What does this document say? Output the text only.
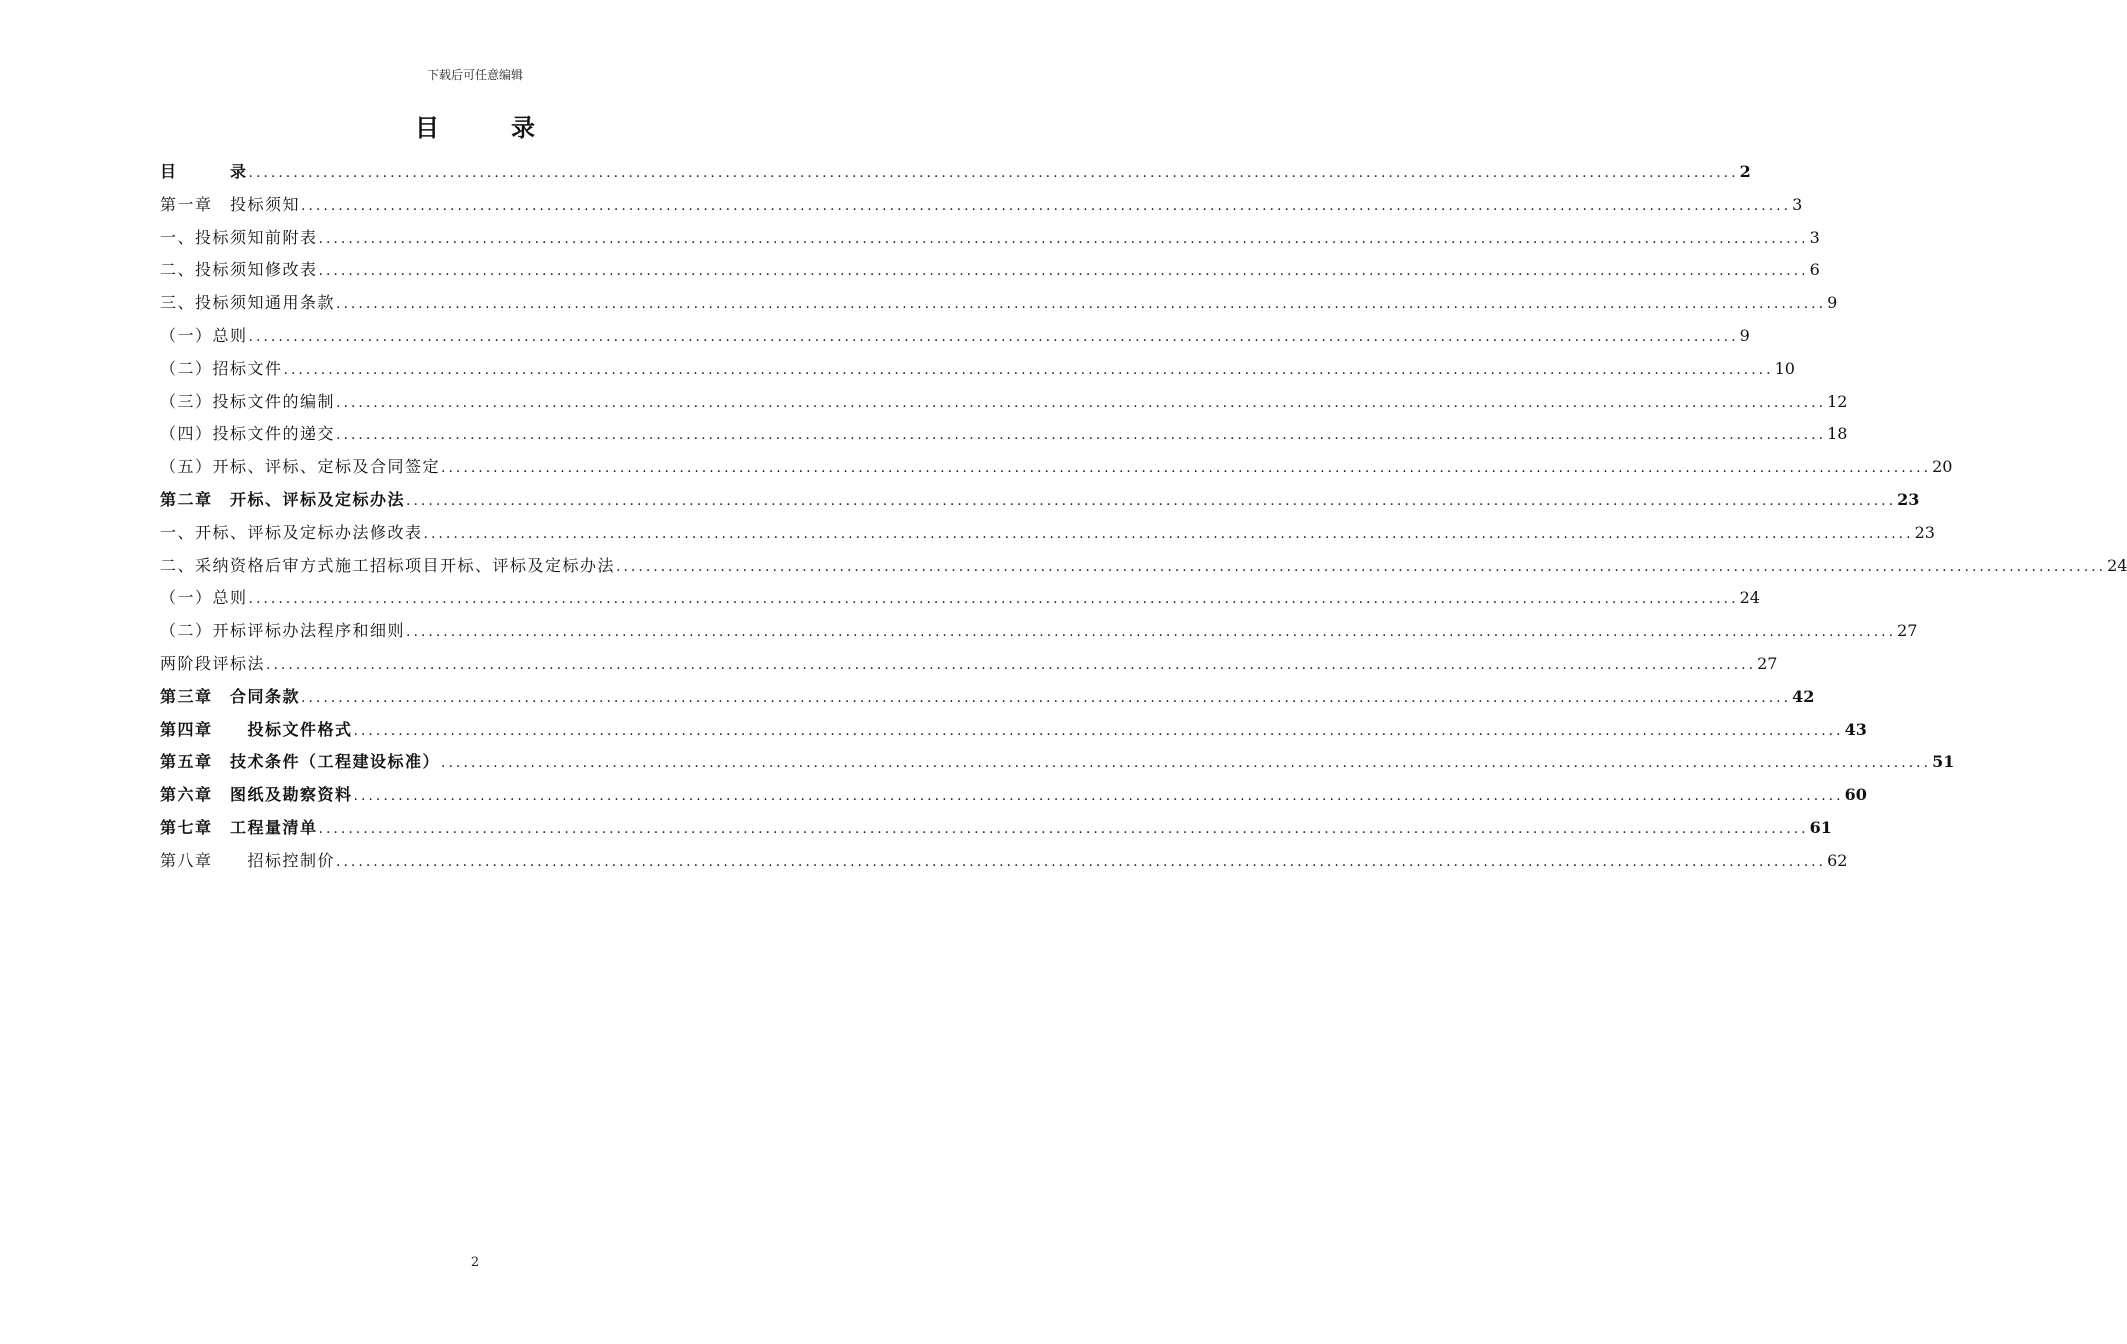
下载后可任意编辑
目录
目　　　录 ........................................................................................................................................................................................................ 2
第一章　投标须知 ........................................................................................................................................................................................................ 3
一、投标须知前附表 ........................................................................................................................................................................................................ 3
二、投标须知修改表 ........................................................................................................................................................................................................ 6
三、投标须知通用条款 ........................................................................................................................................................................................................ 9
（一）总则 ........................................................................................................................................................................................................ 9
（二）招标文件 ........................................................................................................................................................................................................ 10
（三）投标文件的编制 ........................................................................................................................................................................................................ 12
（四）投标文件的递交 ........................................................................................................................................................................................................ 18
（五）开标、评标、定标及合同签定 ........................................................................................................................................................................................................ 20
第二章　开标、评标及定标办法 ........................................................................................................................................................................................................ 23
一、开标、评标及定标办法修改表 ........................................................................................................................................................................................................ 23
二、采纳资格后审方式施工招标项目开标、评标及定标办法 ........................................................................................................................................................................................................ 24
（一）总则 ........................................................................................................................................................................................................ 24
（二）开标评标办法程序和细则 ........................................................................................................................................................................................................ 27
两阶段评标法 ........................................................................................................................................................................................................ 27
第三章　合同条款 ........................................................................................................................................................................................................ 42
第四章　　投标文件格式 ........................................................................................................................................................................................................ 43
第五章　技术条件（工程建设标准） ........................................................................................................................................................................................................ 51
第六章　图纸及勘察资料 ........................................................................................................................................................................................................ 60
第七章　工程量清单 ........................................................................................................................................................................................................ 61
第八章　　招标控制价 ........................................................................................................................................................................................................ 62
2
